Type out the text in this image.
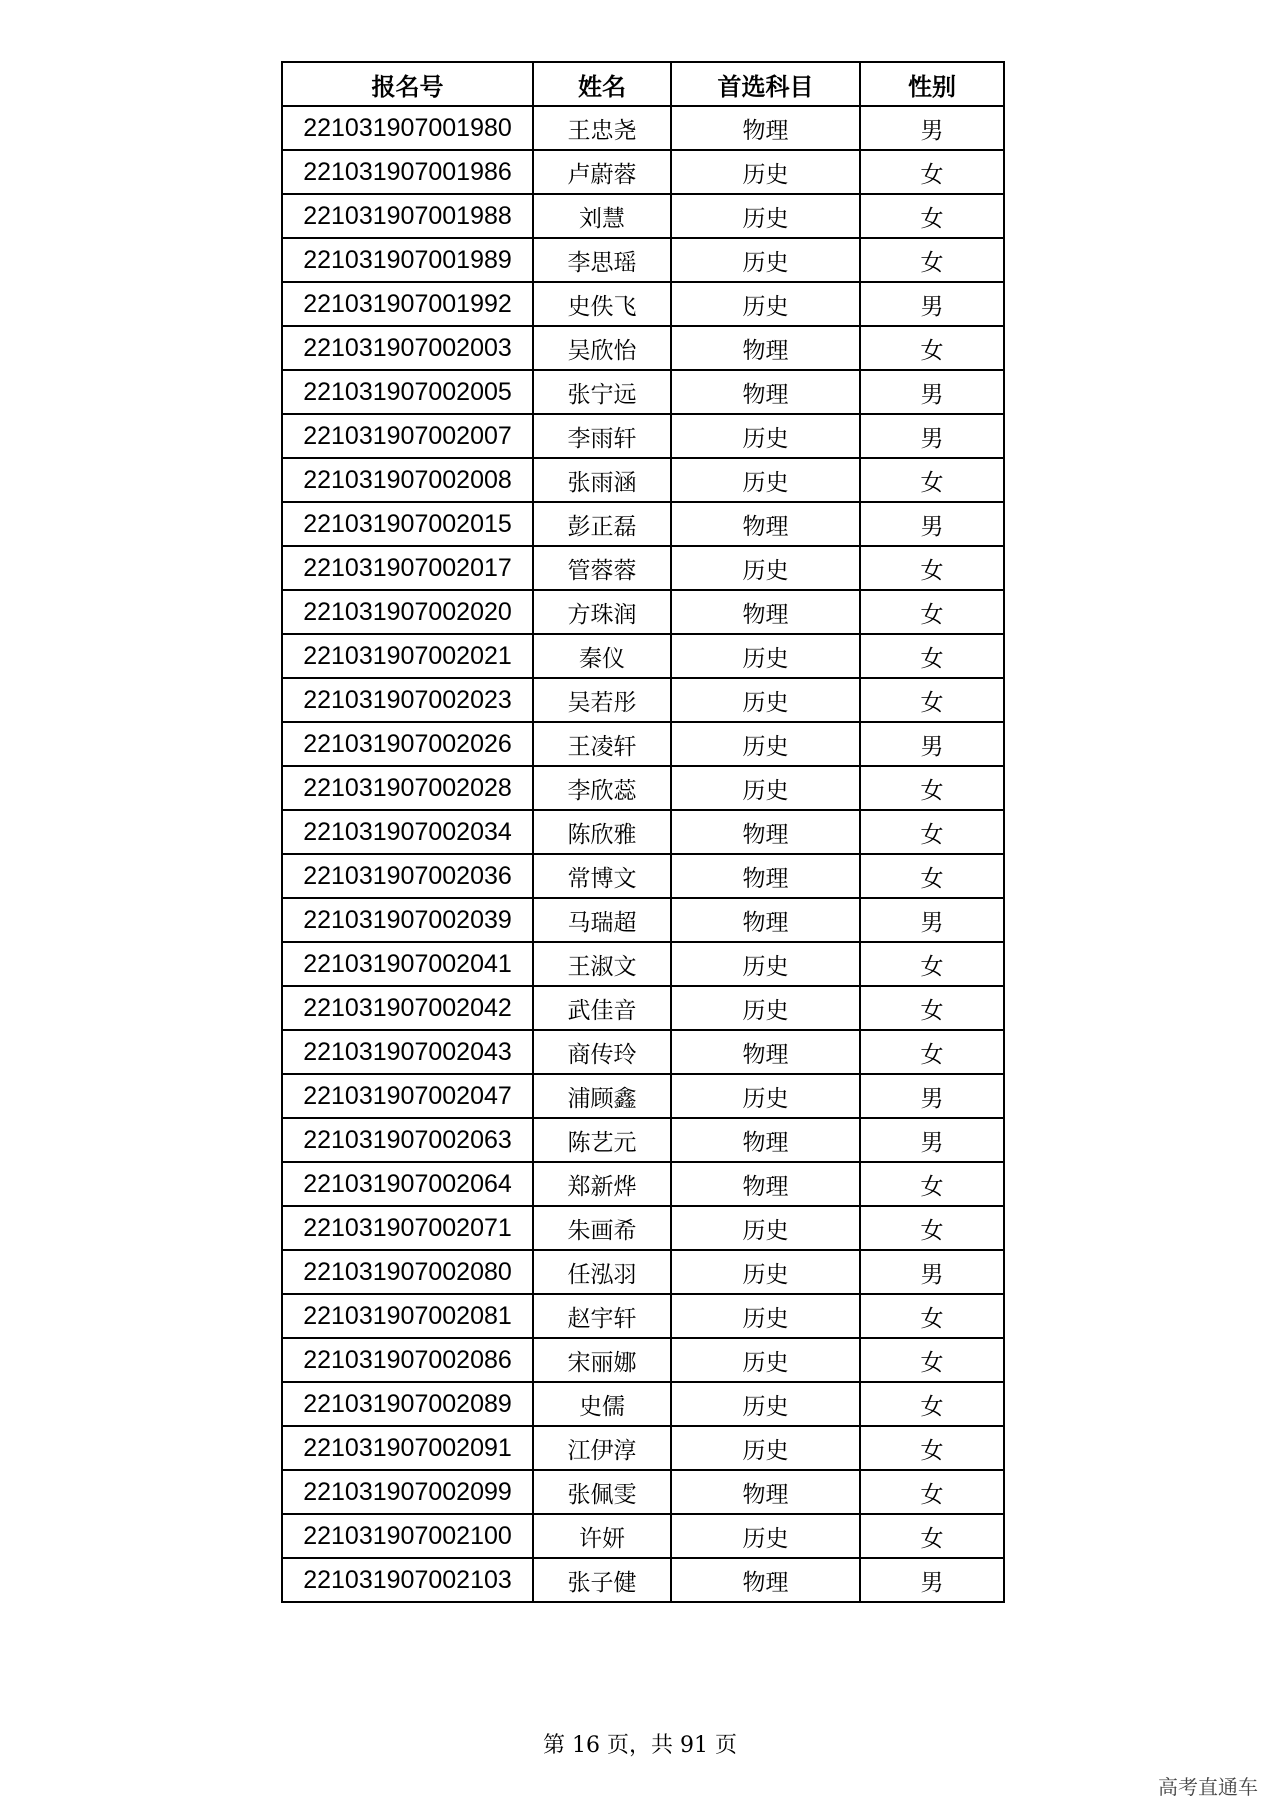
报名号	姓名	首选科目	性别
221031907001980	王忠尧	物理	男
221031907001986	卢蔚蓉	历史	女
221031907001988	刘慧	历史	女
221031907001989	李思瑶	历史	女
221031907001992	史佚飞	历史	男
221031907002003	吴欣怡	物理	女
221031907002005	张宁远	物理	男
221031907002007	李雨轩	历史	男
221031907002008	张雨涵	历史	女
221031907002015	彭正磊	物理	男
221031907002017	管蓉蓉	历史	女
221031907002020	方珠润	物理	女
221031907002021	秦仪	历史	女
221031907002023	吴若彤	历史	女
221031907002026	王凌轩	历史	男
221031907002028	李欣蕊	历史	女
221031907002034	陈欣雅	物理	女
221031907002036	常博文	物理	女
221031907002039	马瑞超	物理	男
221031907002041	王淑文	历史	女
221031907002042	武佳音	历史	女
221031907002043	商传玲	物理	女
221031907002047	浦顾鑫	历史	男
221031907002063	陈艺元	物理	男
221031907002064	郑新烨	物理	女
221031907002071	朱画希	历史	女
221031907002080	任泓羽	历史	男
221031907002081	赵宇轩	历史	女
221031907002086	宋丽娜	历史	女
221031907002089	史儒	历史	女
221031907002091	江伊淳	历史	女
221031907002099	张佩雯	物理	女
221031907002100	许妍	历史	女
221031907002103	张子健	物理	男
第 16 页，共 91 页
高考直通车
